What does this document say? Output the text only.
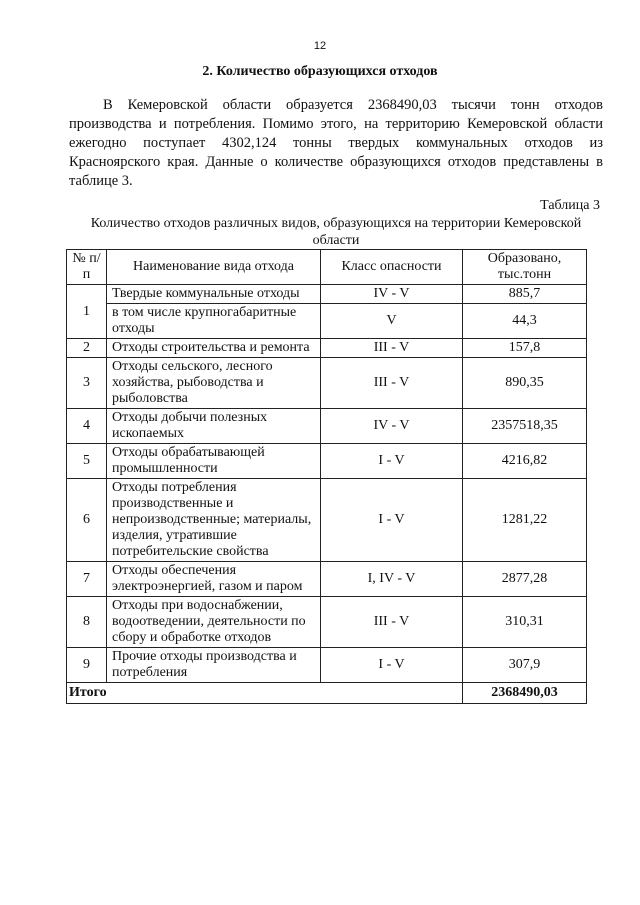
12
2. Количество образующихся отходов

В Кемеровской области образуется 2368490,03 тысячи тонн отходов производства и потребления. Помимо этого, на территорию Кемеровской области ежегодно поступает 4302,124 тонны твердых коммунальных отходов из Красноярского края. Данные о количестве образующихся отходов представлены в таблице 3.

Таблица 3
Количество отходов различных видов, образующихся на территории Кемеровской области
№ п/п	Наименование вида отхода	Класс опасности	Образовано, тыс.тонн
1	Твердые коммунальные отходы	IV - V	885,7
	в том числе крупногабаритные отходы	V	44,3
2	Отходы строительства и ремонта	III - V	157,8
3	Отходы сельского, лесного хозяйства, рыбоводства и рыболовства	III - V	890,35
4	Отходы добычи полезных ископаемых	IV - V	2357518,35
5	Отходы обрабатывающей промышленности	I - V	4216,82
6	Отходы потребления производственные и непроизводственные; материалы, изделия, утратившие потребительские свойства	I - V	1281,22
7	Отходы обеспечения электроэнергией, газом и паром	I, IV - V	2877,28
8	Отходы при водоснабжении, водоотведении, деятельности по сбору и обработке отходов	III - V	310,31
9	Прочие отходы производства и потребления	I - V	307,9
Итого			2368490,03
